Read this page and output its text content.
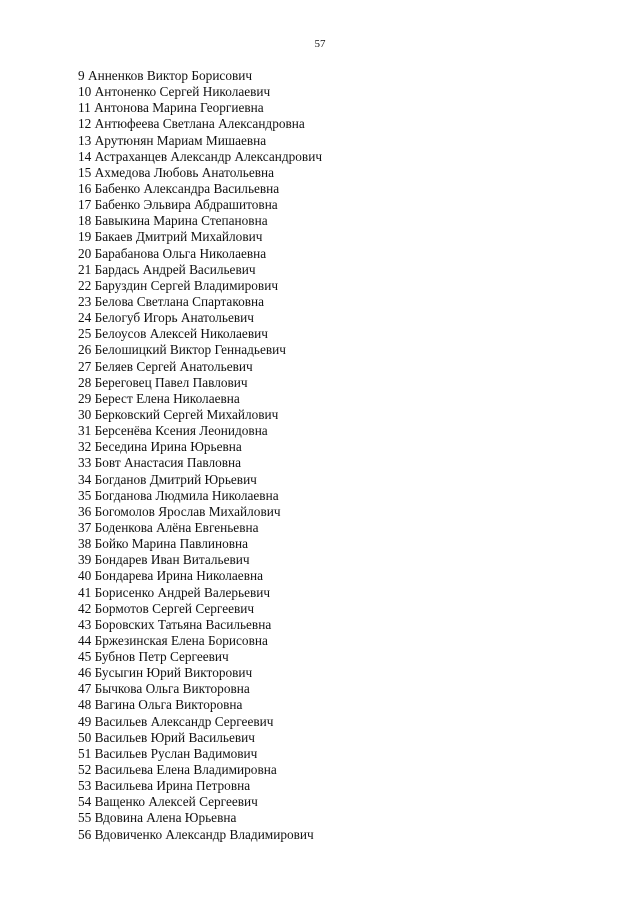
57
9 Анненков Виктор Борисович
10 Антоненко Сергей Николаевич
11 Антонова Марина Георгиевна
12 Антюфеева Светлана Александровна
13 Арутюнян Мариам Мишаевна
14 Астраханцев Александр Александрович
15 Ахмедова Любовь Анатольевна
16 Бабенко Александра Васильевна
17 Бабенко Эльвира Абдрашитовна
18 Бавыкина Марина Степановна
19 Бакаев Дмитрий Михайлович
20 Барабанова Ольга Николаевна
21 Бардась Андрей Васильевич
22 Баруздин Сергей Владимирович
23 Белова Светлана Спартаковна
24 Белогуб Игорь Анатольевич
25 Белоусов Алексей Николаевич
26 Белошицкий Виктор Геннадьевич
27 Беляев Сергей Анатольевич
28 Береговец Павел Павлович
29 Берест Елена Николаевна
30 Берковский Сергей Михайлович
31 Берсенёва Ксения Леонидовна
32 Беседина Ирина Юрьевна
33 Бовт Анастасия Павловна
34 Богданов Дмитрий Юрьевич
35 Богданова Людмила Николаевна
36 Богомолов Ярослав Михайлович
37 Боденкова Алёна Евгеньевна
38 Бойко Марина Павлиновна
39 Бондарев Иван Витальевич
40 Бондарева Ирина Николаевна
41 Борисенко Андрей Валерьевич
42 Бормотов Сергей Сергеевич
43 Боровских Татьяна Васильевна
44 Бржезинская Елена Борисовна
45 Бубнов Петр Сергеевич
46 Бусыгин Юрий Викторович
47 Бычкова Ольга Викторовна
48 Вагина Ольга Викторовна
49 Васильев Александр Сергеевич
50 Васильев Юрий Васильевич
51 Васильев Руслан Вадимович
52 Васильева Елена Владимировна
53 Васильева Ирина Петровна
54 Ващенко Алексей Сергеевич
55 Вдовина Алена Юрьевна
56 Вдовиченко Александр Владимирович
